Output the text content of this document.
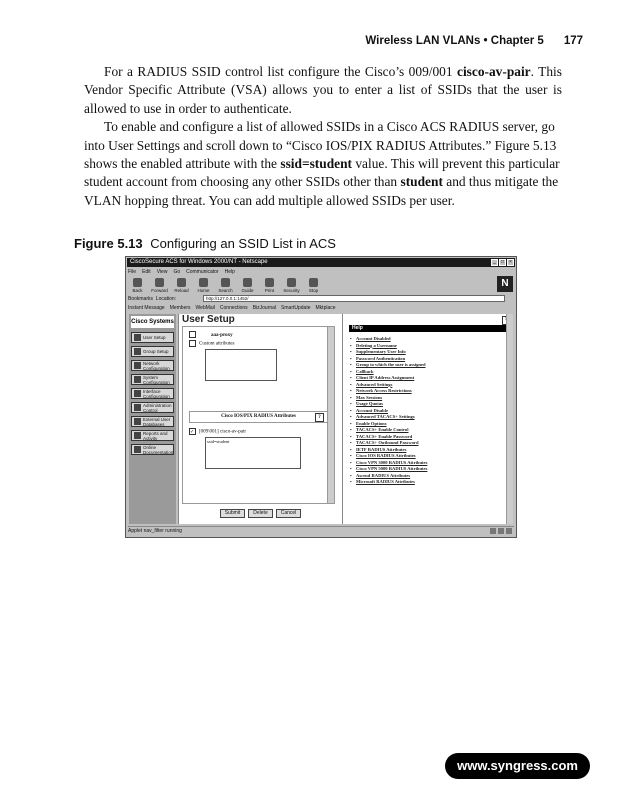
Wireless LAN VLANs • Chapter 5 177

For a RADIUS SSID control list configure the Cisco’s 009/001 cisco-av-pair. This Vendor Specific Attribute (VSA) allows you to enter a list of SSIDs that the user is allowed to use in order to authenticate.

To enable and configure a list of allowed SSIDs in a Cisco ACS RADIUS server, go into User Settings and scroll down to “Cisco IOS/PIX RADIUS Attributes.” Figure 5.13 shows the enabled attribute with the ssid=student value. This will prevent this particular student account from choosing any other SSIDs other than student and thus mitigate the VLAN hopping threat. You can add multiple allowed SSIDs per user.

Figure 5.13 Configuring an SSID List in ACS
CiscoSecure ACS for Windows 2000/NT - Netscape	_	□	×
File Edit View Go Communicator Help
Back	Forward	Reload	Home	Search	Guide	Print	Security	Stop
N
Bookmarks Location:	http://127.0.0.1:1452/
Instant Message Members WebMail Connections BizJournal SmartUpdate Mktplace
Cisco Systems
User Setup
Group Setup
Network Configuration
System Configuration
Interface Configuration
Administration Control
External User Databases
Reports and Activity
Online Documentation
User Setup
aaa-proxy
Custom attributes
Cisco IOS/PIX RADIUS Attributes	?
✓ [009\001] cisco-av-pair
ssid=student
Submit	Delete	Cancel
Help
• Account Disabled
• Deleting a Username
• Supplementary User Info
• Password Authentication
• Group to which the user is assigned
• Callback
• Client IP Address Assignment
• Advanced Settings
• Network Access Restrictions
• Max Sessions
• Usage Quotas
• Account Disable
• Advanced TACACS+ Settings
• Enable Options
• TACACS+ Enable Control
• TACACS+ Enable Password
• TACACS+ Outbound Password
• IETF RADIUS Attributes
• Cisco IOS RADIUS Attributes
• Cisco VPN 3000 RADIUS Attributes
• Cisco VPN 5000 RADIUS Attributes
• Ascend RADIUS Attributes
• Microsoft RADIUS Attributes
Applet nav_filter running
www.syngress.com
